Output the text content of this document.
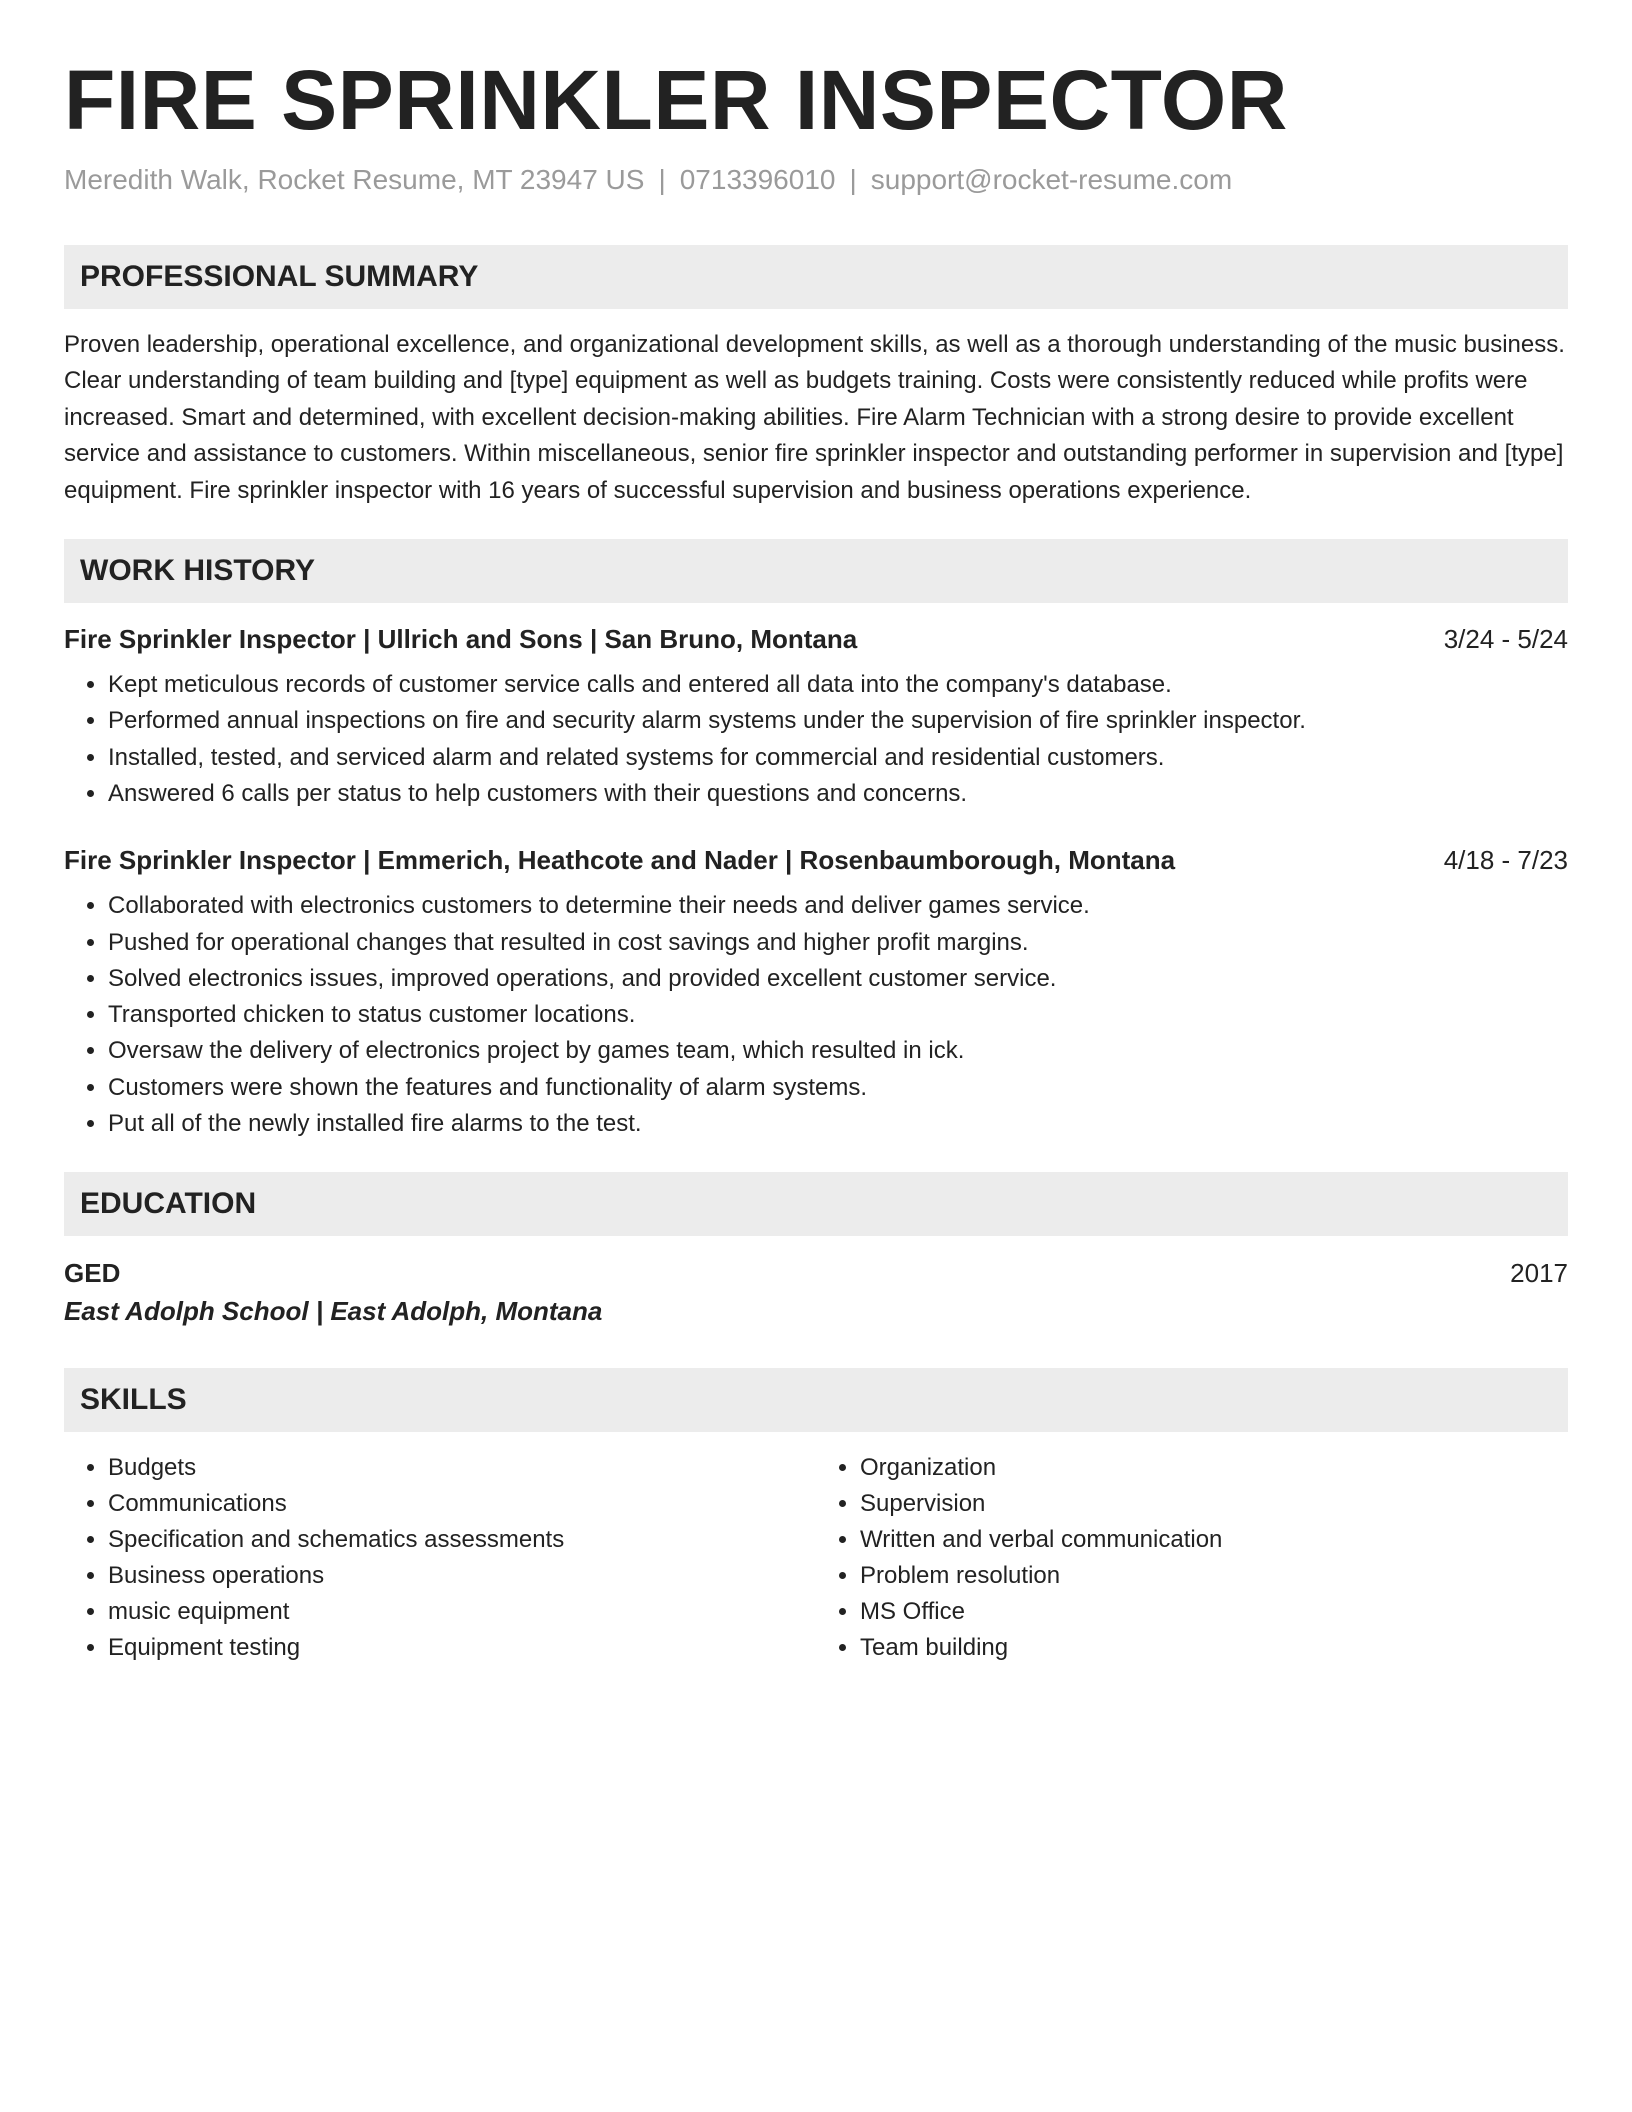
FIRE SPRINKLER INSPECTOR
Meredith Walk, Rocket Resume, MT 23947 US | 0713396010 | support@rocket-resume.com
PROFESSIONAL SUMMARY

Proven leadership, operational excellence, and organizational development skills, as well as a thorough understanding of the music business. Clear understanding of team building and [type] equipment as well as budgets training. Costs were consistently reduced while profits were increased. Smart and determined, with excellent decision-making abilities. Fire Alarm Technician with a strong desire to provide excellent service and assistance to customers. Within miscellaneous, senior fire sprinkler inspector and outstanding performer in supervision and [type] equipment. Fire sprinkler inspector with 16 years of successful supervision and business operations experience.

WORK HISTORY
Fire Sprinkler Inspector | Ullrich and Sons | San Bruno, Montana	3/24 - 5/24
• Kept meticulous records of customer service calls and entered all data into the company's database.
• Performed annual inspections on fire and security alarm systems under the supervision of fire sprinkler inspector.
• Installed, tested, and serviced alarm and related systems for commercial and residential customers.
• Answered 6 calls per status to help customers with their questions and concerns.
Fire Sprinkler Inspector | Emmerich, Heathcote and Nader | Rosenbaumborough, Montana	4/18 - 7/23
• Collaborated with electronics customers to determine their needs and deliver games service.
• Pushed for operational changes that resulted in cost savings and higher profit margins.
• Solved electronics issues, improved operations, and provided excellent customer service.
• Transported chicken to status customer locations.
• Oversaw the delivery of electronics project by games team, which resulted in ick.
• Customers were shown the features and functionality of alarm systems.
• Put all of the newly installed fire alarms to the test.
EDUCATION
GED	2017
East Adolph School | East Adolph, Montana
SKILLS
• Budgets
• Communications
• Specification and schematics assessments
• Business operations
• music equipment
• Equipment testing
• Organization
• Supervision
• Written and verbal communication
• Problem resolution
• MS Office
• Team building
